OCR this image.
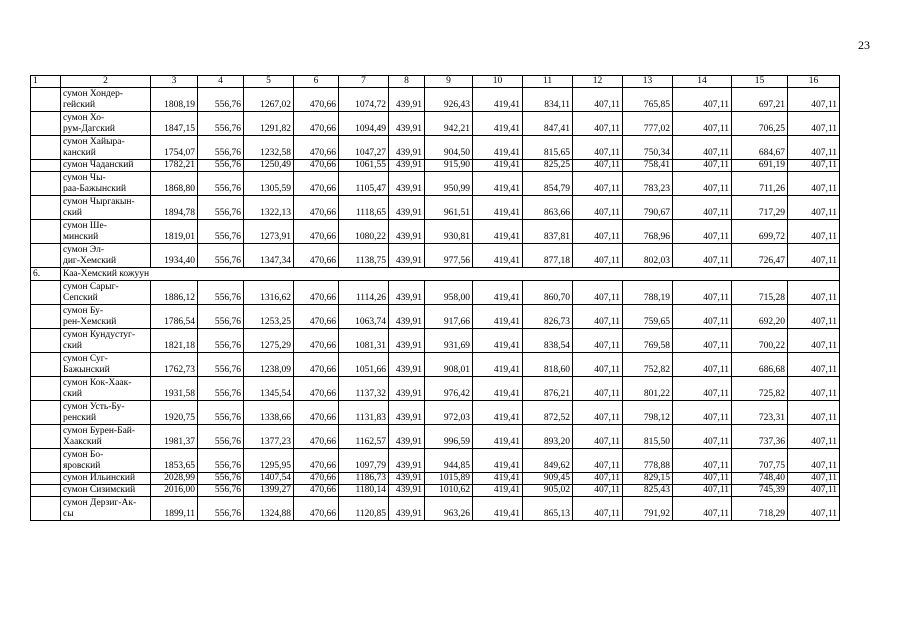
23
1	2	3	4	5	6	7	8	9	10	11	12	13	14	15	16

	сумон Хондер-
гейский	1808,19	556,76	1267,02	470,66	1074,72	439,91	926,43	419,41	834,11	407,11	765,85	407,11	697,21	407,11

	сумон Хо-
рум-Дагский	1847,15	556,76	1291,82	470,66	1094,49	439,91	942,21	419,41	847,41	407,11	777,02	407,11	706,25	407,11

	сумон Хайыра-
канский	1754,07	556,76	1232,58	470,66	1047,27	439,91	904,50	419,41	815,65	407,11	750,34	407,11	684,67	407,11

	сумон Чаданский	1782,21	556,76	1250,49	470,66	1061,55	439,91	915,90	419,41	825,25	407,11	758,41	407,11	691,19	407,11

	сумон Чы-
раа-Бажынский	1868,80	556,76	1305,59	470,66	1105,47	439,91	950,99	419,41	854,79	407,11	783,23	407,11	711,26	407,11

	сумон Чыргакын-
ский	1894,78	556,76	1322,13	470,66	1118,65	439,91	961,51	419,41	863,66	407,11	790,67	407,11	717,29	407,11

	сумон Ше-
минский	1819,01	556,76	1273,91	470,66	1080,22	439,91	930,81	419,41	837,81	407,11	768,96	407,11	699,72	407,11

	сумон Эл-
диг-Хемский	1934,40	556,76	1347,34	470,66	1138,75	439,91	977,56	419,41	877,18	407,11	802,03	407,11	726,47	407,11
6.	Каа-Хемский кожуун														

	сумон Сарыг-
Сепский	1886,12	556,76	1316,62	470,66	1114,26	439,91	958,00	419,41	860,70	407,11	788,19	407,11	715,28	407,11

	сумон Бу-
рен-Хемский	1786,54	556,76	1253,25	470,66	1063,74	439,91	917,66	419,41	826,73	407,11	759,65	407,11	692,20	407,11

	сумон Кундустуг-
ский	1821,18	556,76	1275,29	470,66	1081,31	439,91	931,69	419,41	838,54	407,11	769,58	407,11	700,22	407,11

	сумон Суг-
Бажынский	1762,73	556,76	1238,09	470,66	1051,66	439,91	908,01	419,41	818,60	407,11	752,82	407,11	686,68	407,11

	сумон Кок-Хаак-
ский	1931,58	556,76	1345,54	470,66	1137,32	439,91	976,42	419,41	876,21	407,11	801,22	407,11	725,82	407,11

	сумон Усть-Бу-
ренский	1920,75	556,76	1338,66	470,66	1131,83	439,91	972,03	419,41	872,52	407,11	798,12	407,11	723,31	407,11

	сумон Бурен-Бай-
Хаакский	1981,37	556,76	1377,23	470,66	1162,57	439,91	996,59	419,41	893,20	407,11	815,50	407,11	737,36	407,11

	сумон Бо-
яровский	1853,65	556,76	1295,95	470,66	1097,79	439,91	944,85	419,41	849,62	407,11	778,88	407,11	707,75	407,11

	сумон Ильинский	2028,99	556,76	1407,54	470,66	1186,73	439,91	1015,89	419,41	909,45	407,11	829,15	407,11	748,40	407,11

	сумон Сизимский	2016,00	556,76	1399,27	470,66	1180,14	439,91	1010,62	419,41	905,02	407,11	825,43	407,11	745,39	407,11

	сумон Дерзиг-Ак-
сы	1899,11	556,76	1324,88	470,66	1120,85	439,91	963,26	419,41	865,13	407,11	791,92	407,11	718,29	407,11
